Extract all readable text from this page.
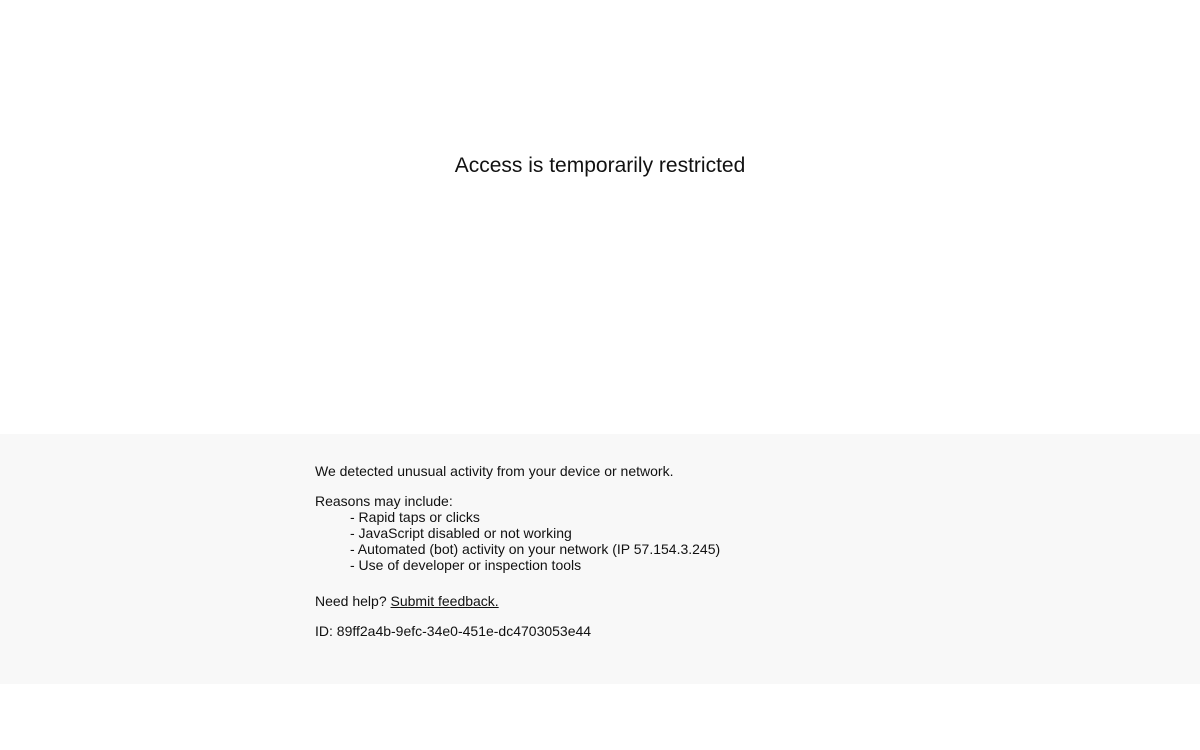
Access is temporarily restricted
We detected unusual activity from your device or network.
Reasons may include:
- Rapid taps or clicks
- JavaScript disabled or not working
- Automated (bot) activity on your network (IP 57.154.3.245)
- Use of developer or inspection tools
Need help? Submit feedback.
ID: 89ff2a4b-9efc-34e0-451e-dc4703053e44
